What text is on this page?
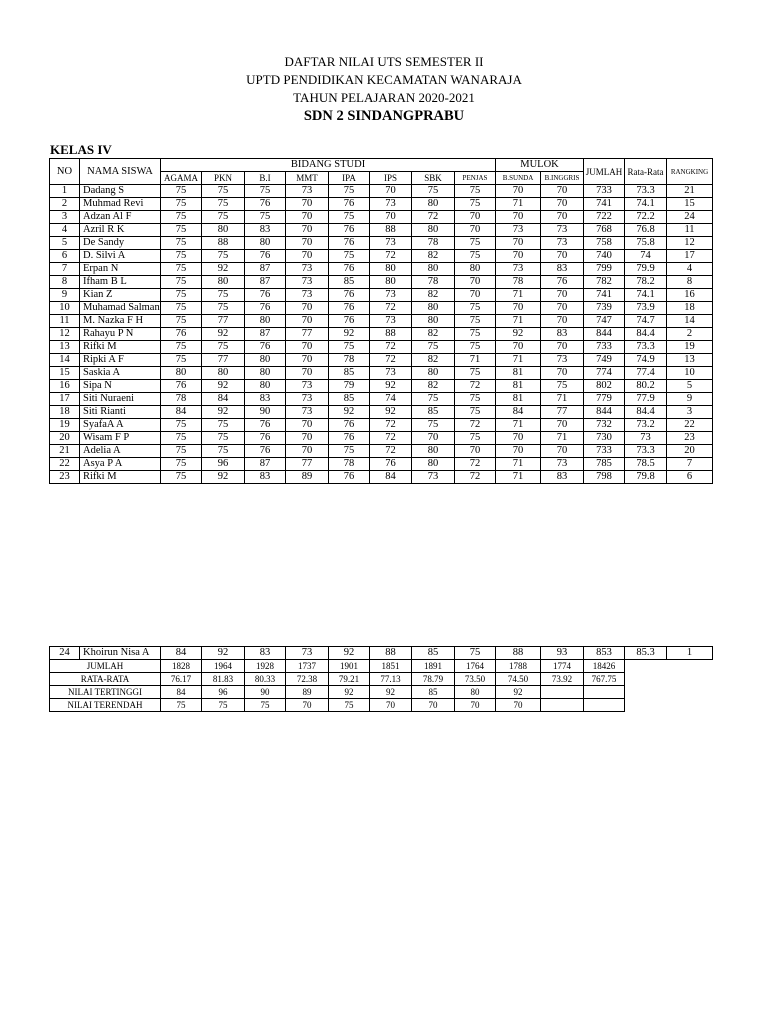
DAFTAR NILAI UTS SEMESTER II
UPTD PENDIDIKAN KECAMATAN WANARAJA
TAHUN PELAJARAN 2020-2021
SDN 2 SINDANGPRABU
KELAS IV
NO	NAMA SISWA	BIDANG STUDI								MULOK		JUMLAH	Rata-Rata	RANGKING
		AGAMA	PKN	B.I	MMT	IPA	IPS	SBK	PENJAS	B.SUNDA	B.INGGRIS			
1	Dadang S	75	75	75	73	75	70	75	75	70	70	733	73.3	21
2	Muhmad Revi	75	75	76	70	76	73	80	75	71	70	741	74.1	15
3	Adzan Al F	75	75	75	70	75	70	72	70	70	70	722	72.2	24
4	Azril R K	75	80	83	70	76	88	80	70	73	73	768	76.8	11
5	De Sandy	75	88	80	70	76	73	78	75	70	73	758	75.8	12
6	D. Silvi A	75	75	76	70	75	72	82	75	70	70	740	74	17
7	Erpan N	75	92	87	73	76	80	80	80	73	83	799	79.9	4
8	Ifham B L	75	80	87	73	85	80	78	70	78	76	782	78.2	8
9	Kian Z	75	75	76	73	76	73	82	70	71	70	741	74.1	16
10	Muhamad Salman	75	75	76	70	76	72	80	75	70	70	739	73.9	18
11	M. Nazka F H	75	77	80	70	76	73	80	75	71	70	747	74.7	14
12	Rahayu P N	76	92	87	77	92	88	82	75	92	83	844	84.4	2
13	Rifki M	75	75	76	70	75	72	75	75	70	70	733	73.3	19
14	Ripki A F	75	77	80	70	78	72	82	71	71	73	749	74.9	13
15	Saskia A	80	80	80	70	85	73	80	75	81	70	774	77.4	10
16	Sipa N	76	92	80	73	79	92	82	72	81	75	802	80.2	5
17	Siti Nuraeni	78	84	83	73	85	74	75	75	81	71	779	77.9	9
18	Siti Rianti	84	92	90	73	92	92	85	75	84	77	844	84.4	3
19	SyafaA A	75	75	76	70	76	72	75	72	71	70	732	73.2	22
20	Wisam F P	75	75	76	70	76	72	70	75	70	71	730	73	23
21	Adelia A	75	75	76	70	75	72	80	70	70	70	733	73.3	20
22	Asya P A	75	96	87	77	78	76	80	72	71	73	785	78.5	7
23	Rifki M	75	92	83	89	76	84	73	72	71	83	798	79.8	6
24	Khoirun Nisa A	84	92	83	73	92	88	85	75	88	93	853	85.3	1
JUMLAH		1828	1964	1928	1737	1901	1851	1891	1764	1788	1774	18426		
RATA-RATA		76.17	81.83	80.33	72.38	79.21	77.13	78.79	73.50	74.50	73.92	767.75		
NILAI TERTINGGI		84	96	90	89	92	92	85	80	92				
NILAI TERENDAH		75	75	75	70	75	70	70	70	70				
